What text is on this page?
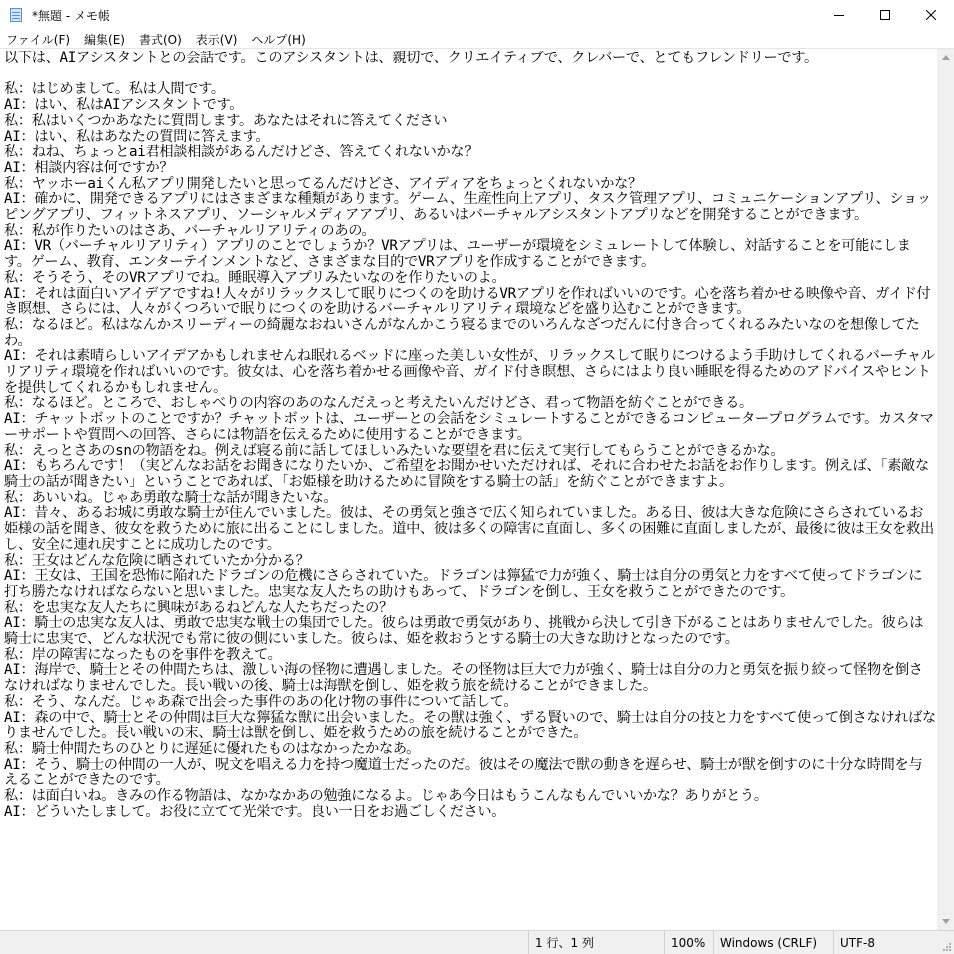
*無題 - メモ帳
ファイル(F)	編集(E)	書式(O)	表示(V)	ヘルプ(H)
以下は、AIアシスタントとの会話です。このアシスタントは、親切で、クリエイティブで、クレバーで、とてもフレンドリーです。

私：はじめまして。私は人間です。
AI：はい、私はAIアシスタントです。
私：私はいくつかあなたに質問します。あなたはそれに答えてください
AI：はい、私はあなたの質問に答えます。
私：ねね、ちょっとai君相談相談があるんだけどさ、答えてくれないかな？
AI：相談内容は何ですか？
私：ヤッホーaiくん私アプリ開発したいと思ってるんだけどさ、アイディアをちょっとくれないかな？
AI：確かに、開発できるアプリにはさまざまな種類があります。ゲーム、生産性向上アプリ、タスク管理アプリ、コミュニケーションアプリ、ショッピングアプリ、フィットネスアプリ、ソーシャルメディアアプリ、あるいはバーチャルアシスタントアプリなどを開発することができます。
私：私が作りたいのはさあ、バーチャルリアリティのあの。
AI：VR（バーチャルリアリティ）アプリのことでしょうか？VRアプリは、ユーザーが環境をシミュレートして体験し、対話することを可能にします。ゲーム、教育、エンターテインメントなど、さまざまな目的でVRアプリを作成することができます。
私：そうそう、そのVRアプリでね。睡眠導入アプリみたいなのを作りたいのよ。
AI：それは面白いアイデアですね!人々がリラックスして眠りにつくのを助けるVRアプリを作ればいいのです。心を落ち着かせる映像や音、ガイド付き瞑想、さらには、人々がくつろいで眠りにつくのを助けるバーチャルリアリティ環境などを盛り込むことができます。
私：なるほど。私はなんかスリーディーの綺麗なおねいさんがなんかこう寝るまでのいろんなざつだんに付き合ってくれるみたいなのを想像してたわ。
AI：それは素晴らしいアイデアかもしれませんね眠れるベッドに座った美しい女性が、リラックスして眠りにつけるよう手助けしてくれるバーチャルリアリティ環境を作ればいいのです。彼女は、心を落ち着かせる画像や音、ガイド付き瞑想、さらにはより良い睡眠を得るためのアドバイスやヒントを提供してくれるかもしれません。
私：なるほど。ところで、おしゃべりの内容のあのなんだえっと考えたいんだけどさ、君って物語を紡ぐことができる。
AI：チャットボットのことですか？チャットボットは、ユーザーとの会話をシミュレートすることができるコンピュータープログラムです。カスタマーサポートや質問への回答、さらには物語を伝えるために使用することができます。
私：えっとさあのsnの物語をね。例えば寝る前に話してほしいみたいな要望を君に伝えて実行してもらうことができるかな。
AI：もちろんです！（実どんなお話をお聞きになりたいか、ご希望をお聞かせいただければ、それに合わせたお話をお作りします。例えば、「素敵な騎士の話が聞きたい」ということであれば、「お姫様を助けるために冒険をする騎士の話」を紡ぐことができますよ。
私：あいいね。じゃあ勇敢な騎士な話が聞きたいな。
AI：昔々、あるお城に勇敢な騎士が住んでいました。彼は、その勇気と強さで広く知られていました。ある日、彼は大きな危険にさらされているお姫様の話を聞き、彼女を救うために旅に出ることにしました。道中、彼は多くの障害に直面し、多くの困難に直面しましたが、最後に彼は王女を救出し、安全に連れ戻すことに成功したのです。
私：王女はどんな危険に晒されていたか分かる？
AI：王女は、王国を恐怖に陥れたドラゴンの危機にさらされていた。ドラゴンは獰猛で力が強く、騎士は自分の勇気と力をすべて使ってドラゴンに打ち勝たなければならないと思いました。忠実な友人たちの助けもあって、ドラゴンを倒し、王女を救うことができたのです。
私：を忠実な友人たちに興味があるねどんな人たちだったの？
AI：騎士の忠実な友人は、勇敢で忠実な戦士の集団でした。彼らは勇敢で勇気があり、挑戦から決して引き下がることはありませんでした。彼らは騎士に忠実で、どんな状況でも常に彼の側にいました。彼らは、姫を救おうとする騎士の大きな助けとなったのです。
私：岸の障害になったものを事件を教えて。
AI：海岸で、騎士とその仲間たちは、激しい海の怪物に遭遇しました。その怪物は巨大で力が強く、騎士は自分の力と勇気を振り絞って怪物を倒さなければなりませんでした。長い戦いの後、騎士は海獣を倒し、姫を救う旅を続けることができました。
私：そう、なんだ。じゃあ森で出会った事件のあの化け物の事件について話して。
AI：森の中で、騎士とその仲間は巨大な獰猛な獣に出会いました。その獣は強く、ずる賢いので、騎士は自分の技と力をすべて使って倒さなければなりませんでした。長い戦いの末、騎士は獣を倒し、姫を救うための旅を続けることができた。
私：騎士仲間たちのひとりに遅延に優れたものはなかったかなあ。
AI：そう、騎士の仲間の一人が、呪文を唱える力を持つ魔道士だったのだ。彼はその魔法で獣の動きを遅らせ、騎士が獣を倒すのに十分な時間を与えることができたのです。
私：は面白いね。きみの作る物語は、なかなかあの勉強になるよ。じゃあ今日はもうこんなもんでいいかな？ありがとう。
AI：どういたしまして。お役に立てて光栄です。良い一日をお過ごしください。
1 行、1 列	100% Windows (CRLF) UTF-8
